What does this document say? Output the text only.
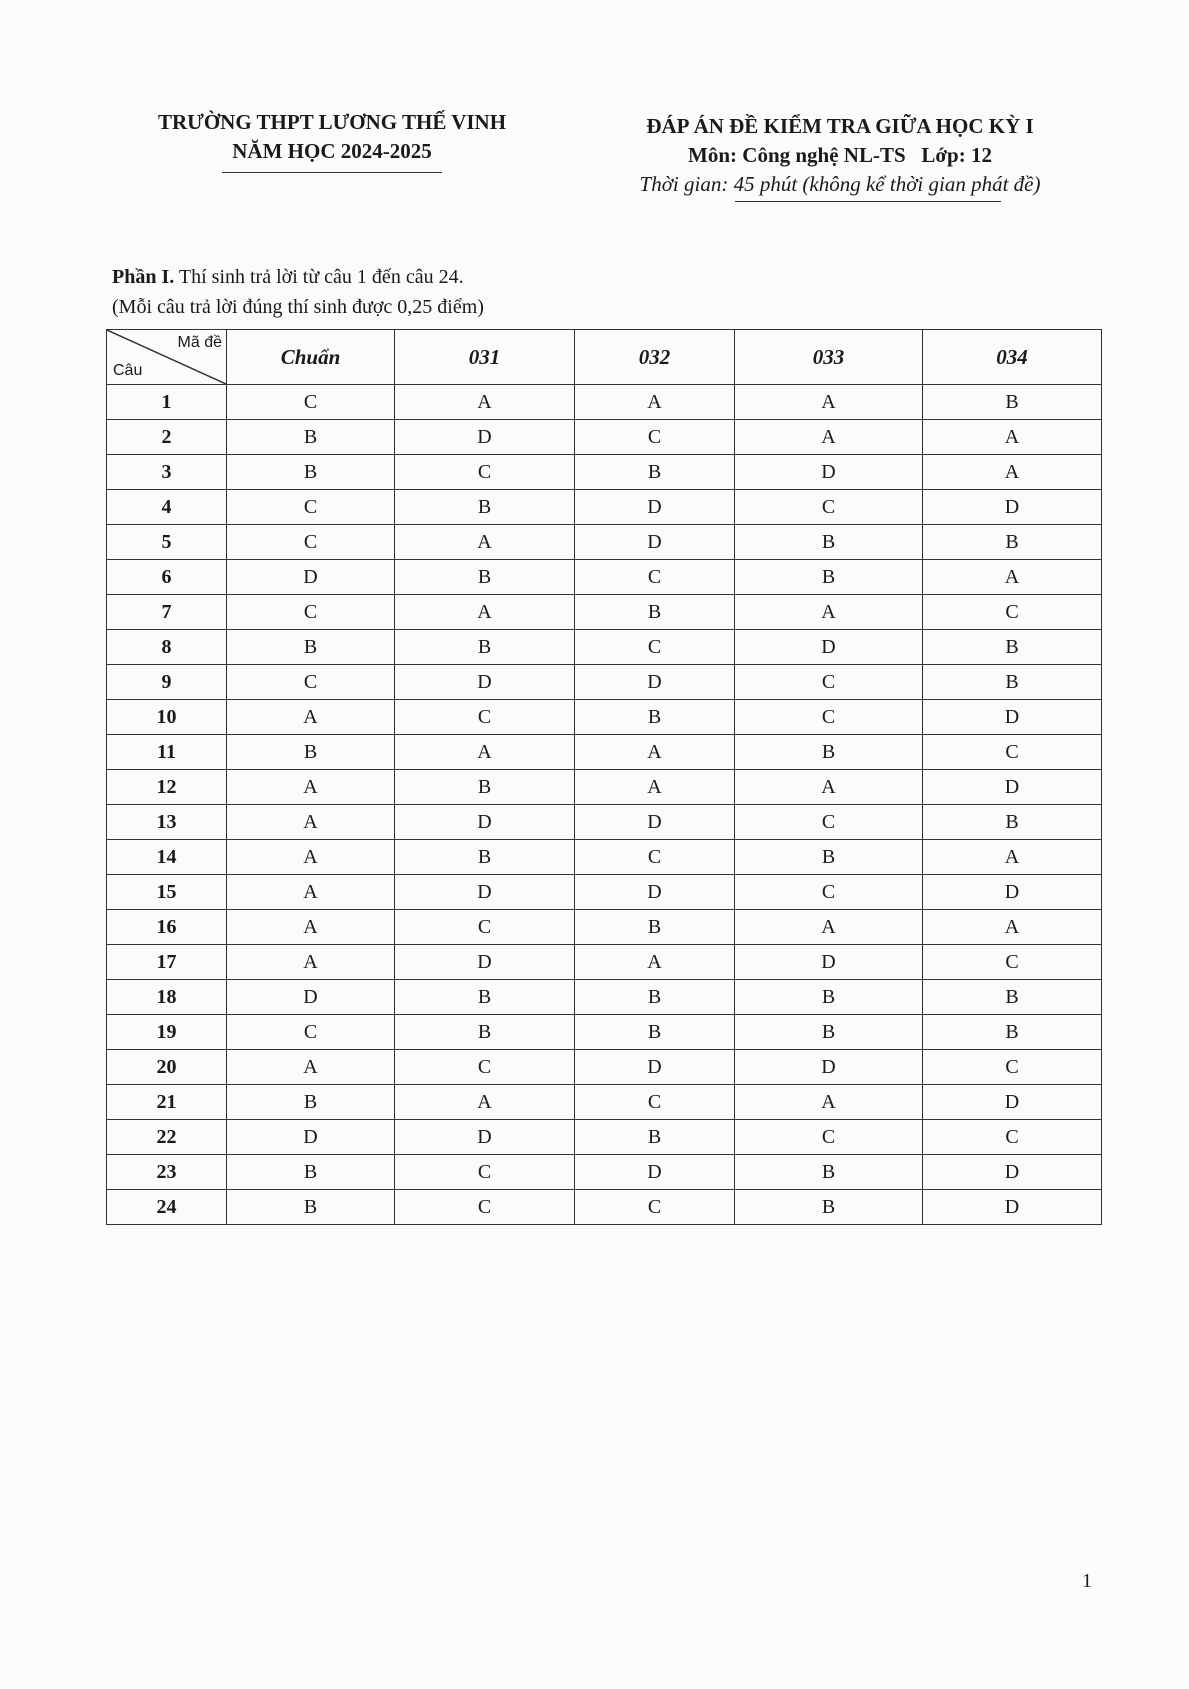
TRƯỜNG THPT LƯƠNG THẾ VINH
NĂM HỌC 2024-2025
ĐÁP ÁN ĐỀ KIỂM TRA GIỮA HỌC KỲ I
Môn: Công nghệ NL-TS   Lớp: 12
Thời gian: 45 phút (không kể thời gian phát đề)
Phần I. Thí sinh trả lời từ câu 1 đến câu 24.
(Mỗi câu trả lời đúng thí sinh được 0,25 điểm)
Mã đề
Câu	Chuẩn	031	032	033	034
1	C	A	A	A	B
2	B	D	C	A	A
3	B	C	B	D	A
4	C	B	D	C	D
5	C	A	D	B	B
6	D	B	C	B	A
7	C	A	B	A	C
8	B	B	C	D	B
9	C	D	D	C	B
10	A	C	B	C	D
11	B	A	A	B	C
12	A	B	A	A	D
13	A	D	D	C	B
14	A	B	C	B	A
15	A	D	D	C	D
16	A	C	B	A	A
17	A	D	A	D	C
18	D	B	B	B	B
19	C	B	B	B	B
20	A	C	D	D	C
21	B	A	C	A	D
22	D	D	B	C	C
23	B	C	D	B	D
24	B	C	C	B	D
1
